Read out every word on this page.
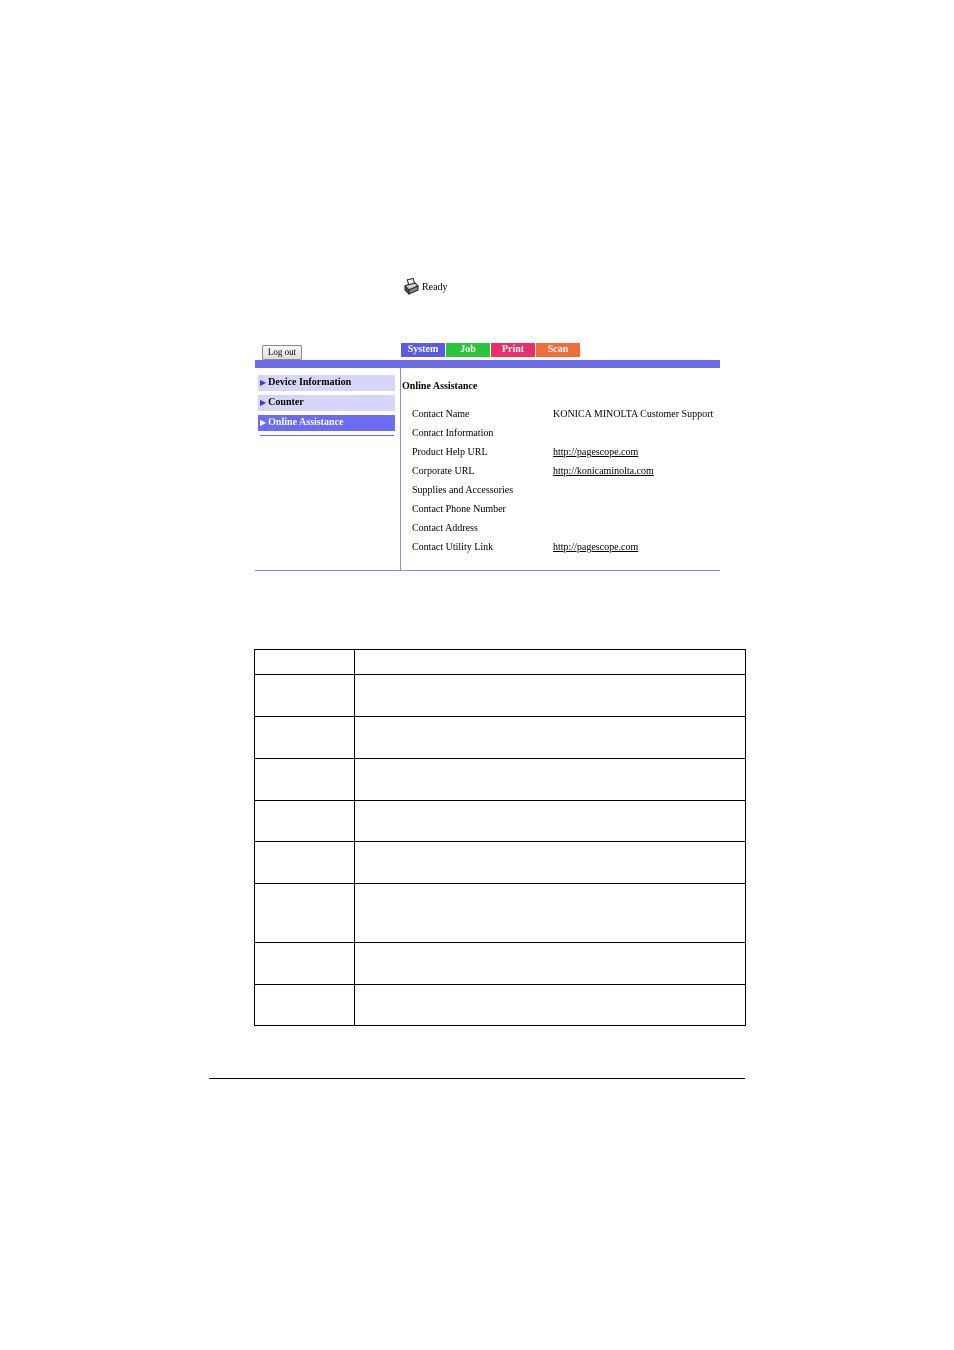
Ready
Log out	System	Job	Print	Scan
▶ Device Information
▶ Counter
▶ Online Assistance
Online Assistance
Contact Name	KONICA MINOLTA Customer Support
Contact Information
Product Help URL	http://pagescope.com
Corporate URL	http://konicaminolta.com
Supplies and Accessories
Contact Phone Number
Contact Address
Contact Utility Link	http://pagescope.com
